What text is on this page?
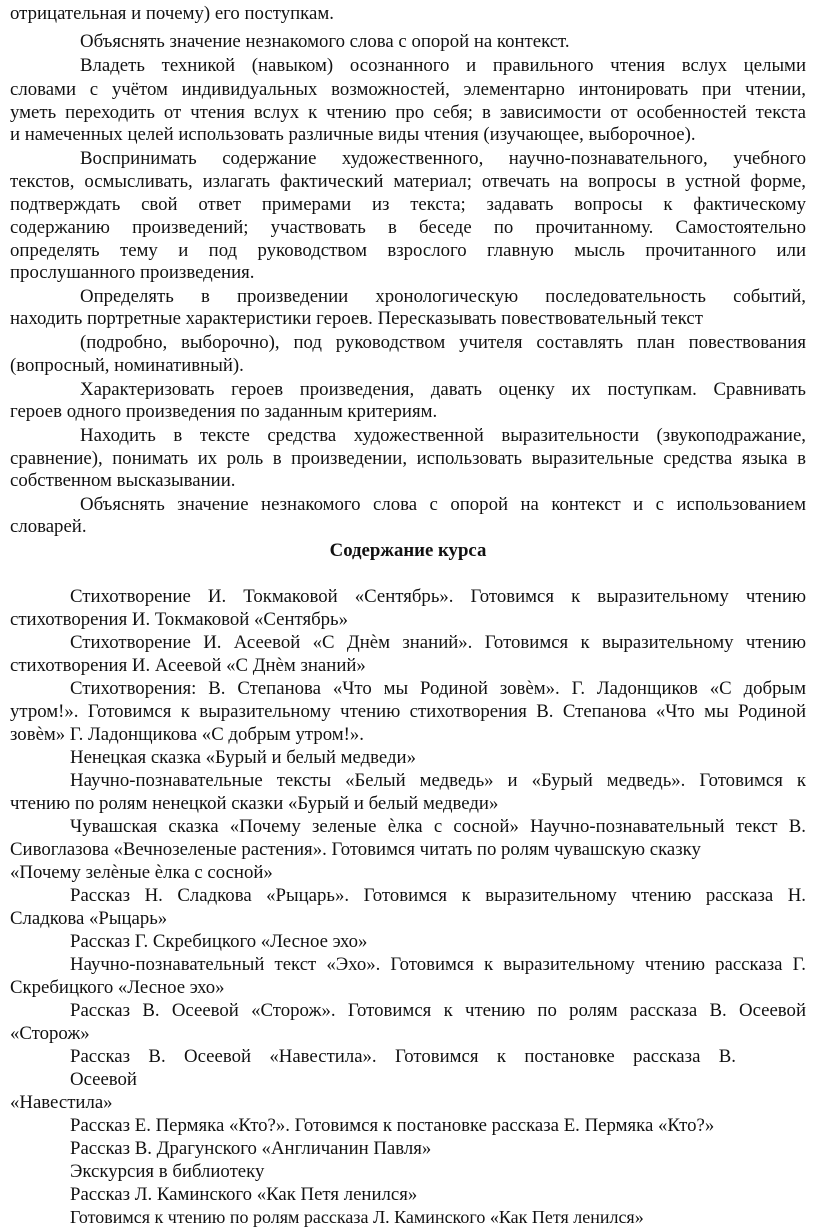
отрицательная и почему) его поступкам.
Объяснять значение незнакомого слова с опорой на контекст.
Владеть техникой (навыком) осознанного и правильного чтения вслух целыми
словами с учётом индивидуальных возможностей, элементарно интонировать при чтении,
уметь переходить от чтения вслух к чтению про себя; в зависимости от особенностей текста
и намеченных целей использовать различные виды чтения (изучающее, выборочное).
Воспринимать содержание художественного, научно-познавательного, учебного
текстов, осмысливать, излагать фактический материал; отвечать на вопросы в устной форме,
подтверждать свой ответ примерами из текста; задавать вопросы к фактическому
содержанию произведений; участвовать в беседе по прочитанному. Самостоятельно
определять тему и под руководством взрослого главную мысль прочитанного или
прослушанного произведения.
Определять в произведении хронологическую последовательность событий,
находить портретные характеристики героев. Пересказывать повествовательный текст
(подробно, выборочно), под руководством учителя составлять план повествования
(вопросный, номинативный).
Характеризовать героев произведения, давать оценку их поступкам. Сравнивать
героев одного произведения по заданным критериям.
Находить в тексте средства художественной выразительности (звукоподражание,
сравнение), понимать их роль в произведении, использовать выразительные средства языка в
собственном высказывании.
Объяснять значение незнакомого слова с опорой на контекст и с использованием
словарей.
Содержание курса
Стихотворение И. Токмаковой «Сентябрь». Готовимся к выразительному чтению
стихотворения И. Токмаковой «Сентябрь»
Стихотворение И. Асеевой «С Днѐм знаний». Готовимся к выразительному чтению
стихотворения И. Асеевой «С Днѐм знаний»
Стихотворения: В. Степанова «Что мы Родиной зовѐм». Г. Ладонщиков «С добрым
утром!». Готовимся к выразительному чтению стихотворения В. Степанова «Что мы Родиной
зовѐм» Г. Ладонщикова «С добрым утром!».
Ненецкая сказка «Бурый и белый медведи»
Научно-познавательные тексты «Белый медведь» и «Бурый медведь». Готовимся к
чтению по ролям ненецкой сказки «Бурый и белый медведи»
Чувашская сказка «Почему зеленые ѐлка с сосной» Научно-познавательный текст В.
Сивоглазова «Вечнозеленые растения». Готовимся читать по ролям чувашскую сказку
«Почему зелѐные ѐлка с сосной»
Рассказ Н. Сладкова «Рыцарь». Готовимся к выразительному чтению рассказа Н.
Сладкова «Рыцарь»
Рассказ Г. Скребицкого «Лесное эхо»
Научно-познавательный текст «Эхо». Готовимся к выразительному чтению рассказа Г.
Скребицкого «Лесное эхо»
Рассказ В. Осеевой «Сторож». Готовимся к чтению по ролям рассказа В. Осеевой
«Сторож»
Рассказ В. Осеевой «Навестила». Готовимся к постановке рассказа В.
Осеевой
«Навестила»
Рассказ Е. Пермяка «Кто?». Готовимся к постановке рассказа Е. Пермяка «Кто?»
Рассказ В. Драгунского «Англичанин Павля»
Экскурсия в библиотеку
Рассказ Л. Каминского «Как Петя ленился»
Готовимся к чтению по ролям рассказа Л. Каминского «Как Петя ленился»
